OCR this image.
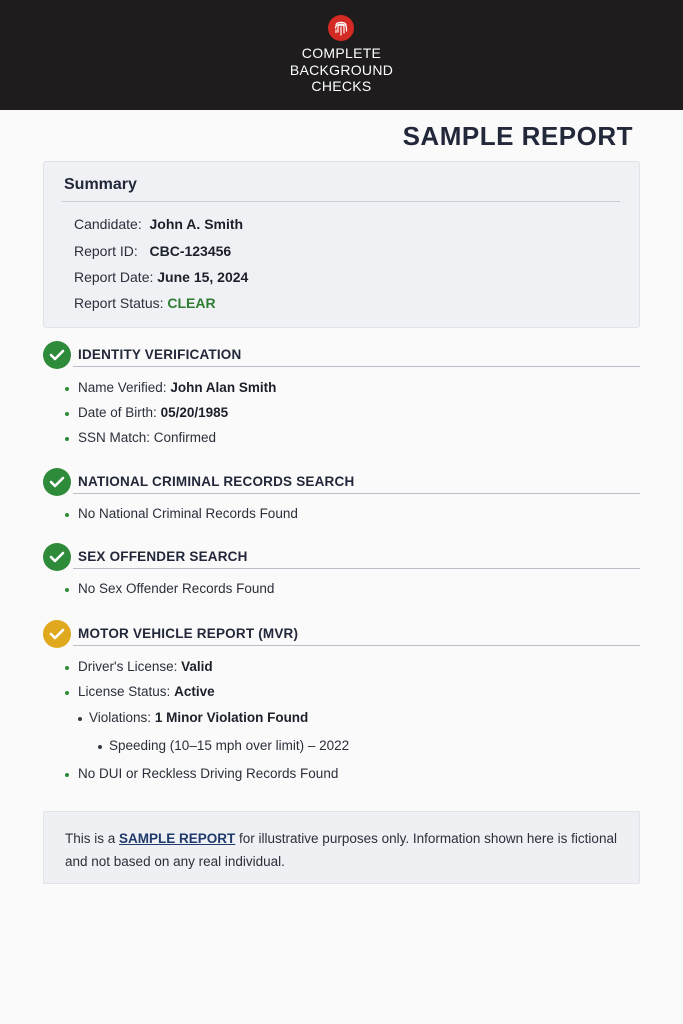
COMPLETE
BACKGROUND
CHECKS
SAMPLE REPORT
Summary
Candidate: John A. Smith
Report ID: CBC-123456
Report Date: June 15, 2024
Report Status: CLEAR
IDENTITY VERIFICATION
Name Verified: John Alan Smith
Date of Birth: 05/20/1985
SSN Match: Confirmed
NATIONAL CRIMINAL RECORDS SEARCH
No National Criminal Records Found
SEX OFFENDER SEARCH
No Sex Offender Records Found
MOTOR VEHICLE REPORT (MVR)
Driver's License: Valid
License Status: Active
Violations: 1 Minor Violation Found
Speeding (10–15 mph over limit) – 2022
No DUI or Reckless Driving Records Found
This is a SAMPLE REPORT for illustrative purposes only. Information shown here is fictional and not based on any real individual.
